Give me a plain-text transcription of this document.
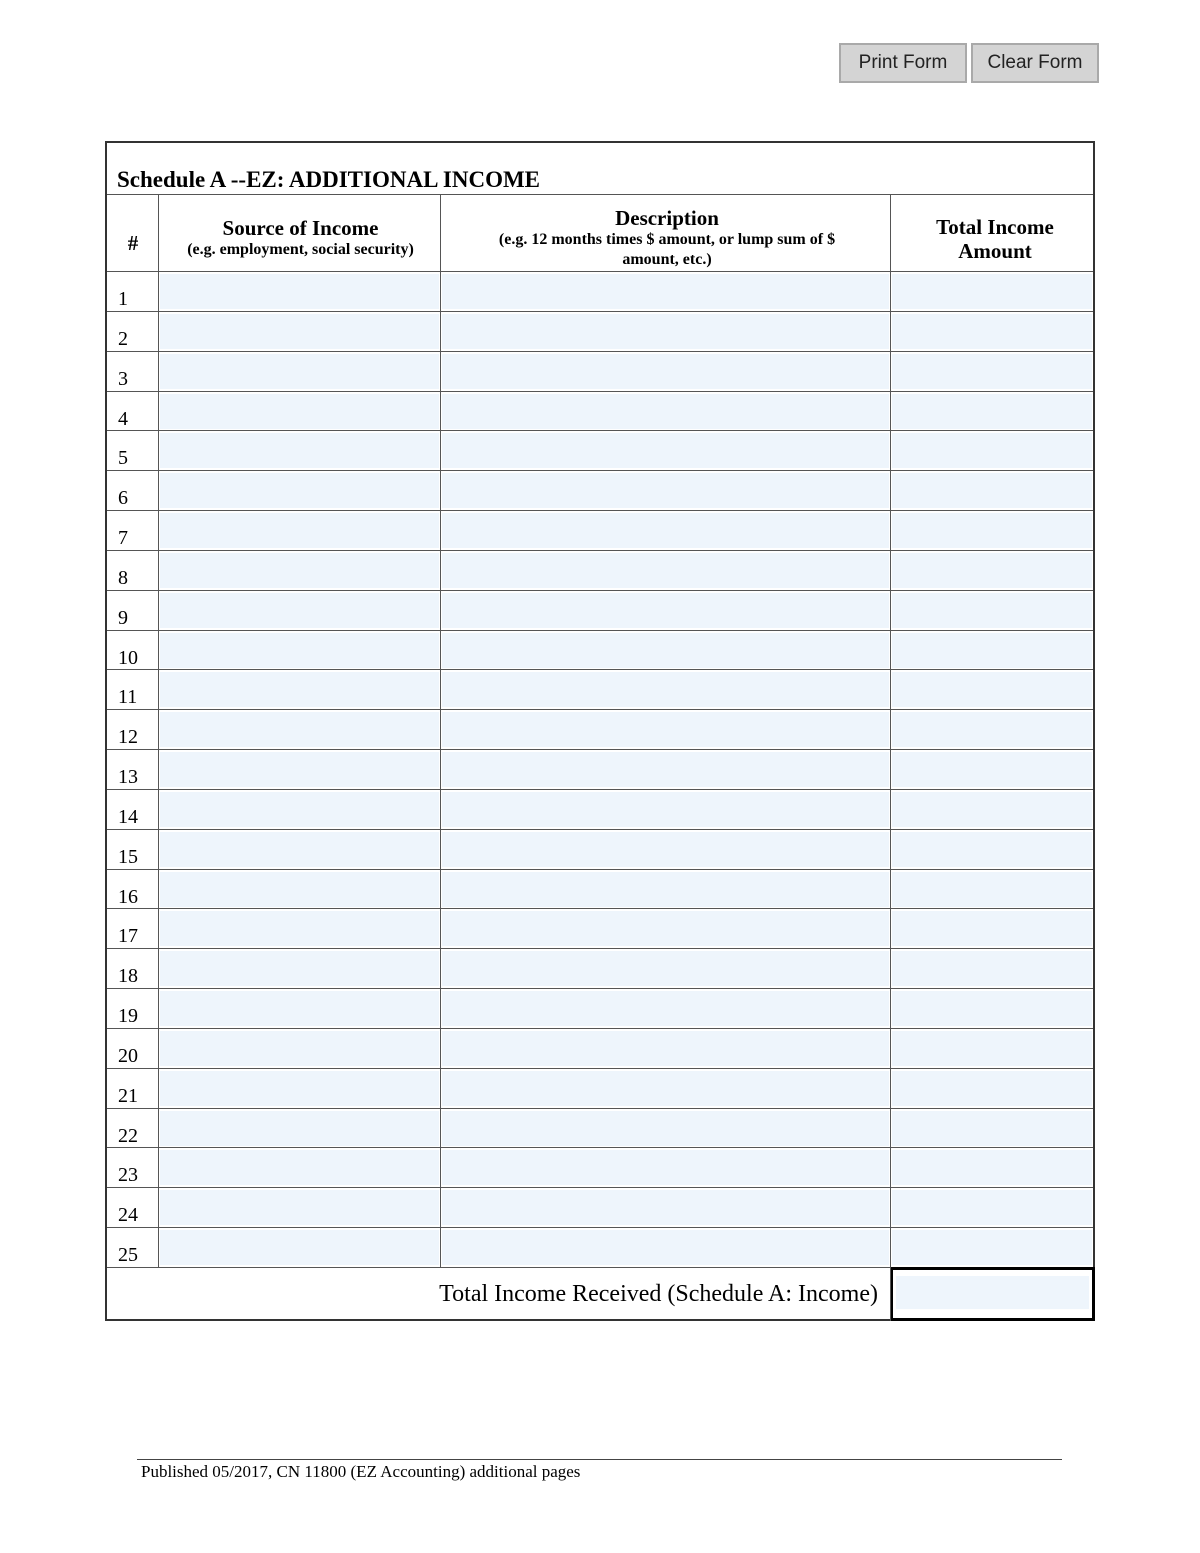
Print Form	Clear Form
Schedule A --EZ: ADDITIONAL INCOME
#
Source of Income
(e.g. employment, social security)
Description
(e.g. 12 months times $ amount, or lump sum of $ amount, etc.)
Total Income Amount
1
2
3
4
5
6
7
8
9
10
11
12
13
14
15
16
17
18
19
20
21
22
23
24
25
Total Income Received (Schedule A: Income)
Published 05/2017, CN 11800 (EZ Accounting) additional pages
